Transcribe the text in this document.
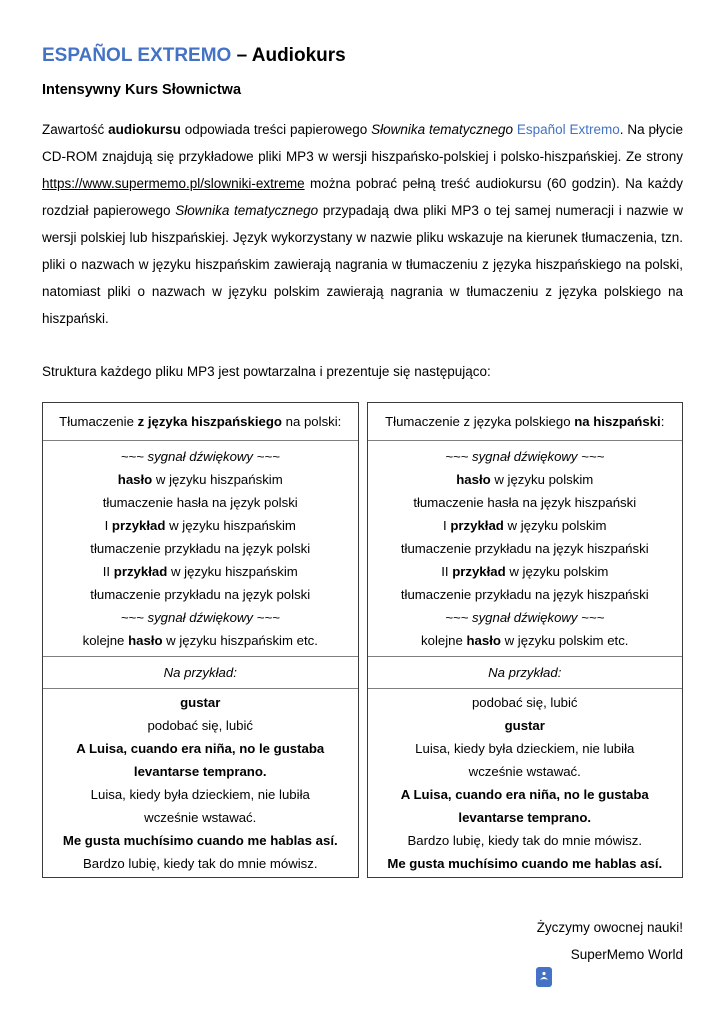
ESPAÑOL EXTREMO – Audiokurs
Intensywny Kurs Słownictwa

Zawartość audiokursu odpowiada treści papierowego Słownika tematycznego Español Extremo. Na płycie CD-ROM znajdują się przykładowe pliki MP3 w wersji hiszpańsko-polskiej i polsko-hiszpańskiej. Ze strony https://www.supermemo.pl/slowniki-extreme można pobrać pełną treść audiokursu (60 godzin). Na każdy rozdział papierowego Słownika tematycznego przypadają dwa pliki MP3 o tej samej numeracji i nazwie w wersji polskiej lub hiszpańskiej. Język wykorzystany w nazwie pliku wskazuje na kierunek tłumaczenia, tzn. pliki o nazwach w języku hiszpańskim zawierają nagrania w tłumaczeniu z języka hiszpańskiego na polski, natomiast pliki o nazwach w języku polskim zawierają nagrania w tłumaczeniu z języka polskiego na hiszpański.

Struktura każdego pliku MP3 jest powtarzalna i prezentuje się następująco:
Tłumaczenie z języka hiszpańskiego na polski:
~~~ sygnał dźwiękowy ~~~
hasło w języku hiszpańskim
tłumaczenie hasła na język polski
I przykład w języku hiszpańskim
tłumaczenie przykładu na język polski
II przykład w języku hiszpańskim
tłumaczenie przykładu na język polski
~~~ sygnał dźwiękowy ~~~
kolejne hasło w języku hiszpańskim etc.
Na przykład:
gustar
podobać się, lubić
A Luisa, cuando era niña, no le gustaba
levantarse temprano.
Luisa, kiedy była dzieckiem, nie lubiła
wcześnie wstawać.
Me gusta muchísimo cuando me hablas así.
Bardzo lubię, kiedy tak do mnie mówisz.
Tłumaczenie z języka polskiego na hiszpański:
~~~ sygnał dźwiękowy ~~~
hasło w języku polskim
tłumaczenie hasła na język hiszpański
I przykład w języku polskim
tłumaczenie przykładu na język hiszpański
II przykład w języku polskim
tłumaczenie przykładu na język hiszpański
~~~ sygnał dźwiękowy ~~~
kolejne hasło w języku polskim etc.
Na przykład:
podobać się, lubić
gustar
Luisa, kiedy była dzieckiem, nie lubiła
wcześnie wstawać.
A Luisa, cuando era niña, no le gustaba
levantarse temprano.
Bardzo lubię, kiedy tak do mnie mówisz.
Me gusta muchísimo cuando me hablas así.
Życzymy owocnej nauki!
SuperMemo World
